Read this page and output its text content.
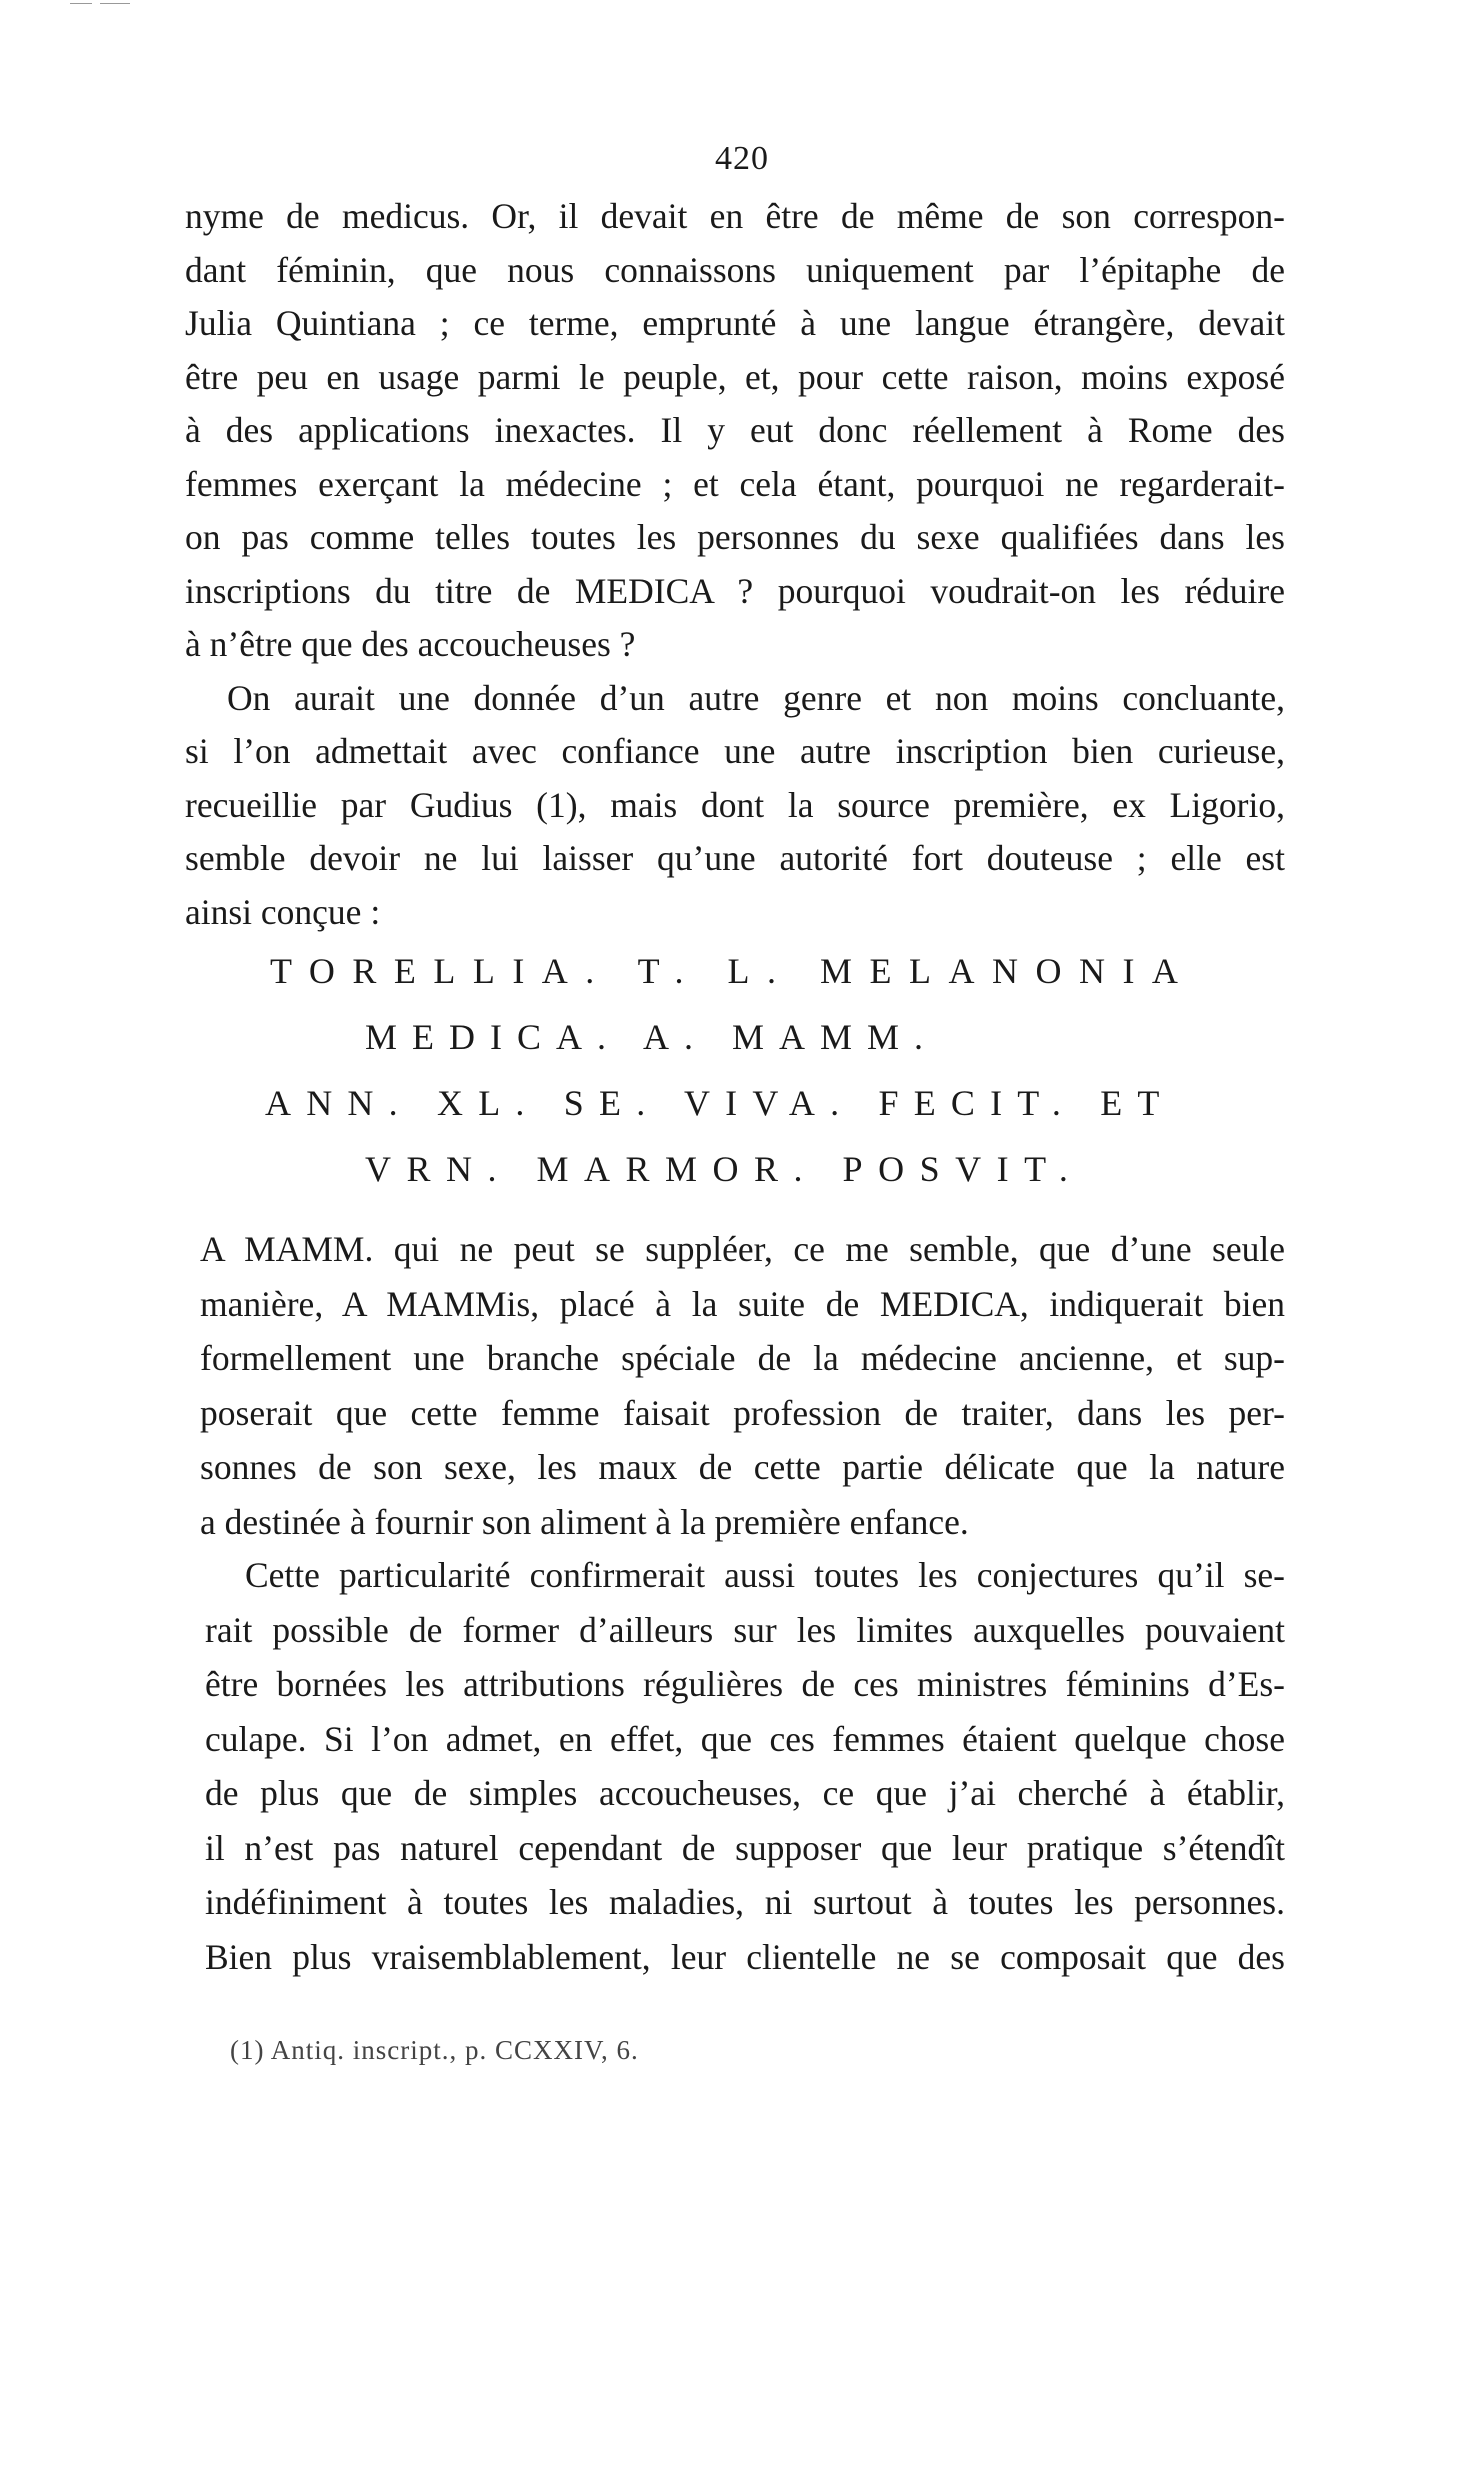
420
nyme de medicus. Or, il devait en être de même de son correspon-
dant féminin, que nous connaissons uniquement par l’épitaphe de
Julia Quintiana ; ce terme, emprunté à une langue étrangère, devait
être peu en usage parmi le peuple, et, pour cette raison, moins exposé
à des applications inexactes. Il y eut donc réellement à Rome des
femmes exerçant la médecine ; et cela étant, pourquoi ne regarderait-
on pas comme telles toutes les personnes du sexe qualifiées dans les
inscriptions du titre de MEDICA ? pourquoi voudrait-on les réduire
à n’être que des accoucheuses ?
On aurait une donnée d’un autre genre et non moins concluante,
si l’on admettait avec confiance une autre inscription bien curieuse,
recueillie par Gudius (1), mais dont la source première, ex Ligorio,
semble devoir ne lui laisser qu’une autorité fort douteuse ; elle est
ainsi conçue :
TORELLIA. T. L. MELANONIA
MEDICA. A. MAMM.
ANN. XL. SE. VIVA. FECIT. ET
VRN. MARMOR. POSVIT.
A MAMM. qui ne peut se suppléer, ce me semble, que d’une seule
manière, A MAMMis, placé à la suite de MEDICA, indiquerait bien
formellement une branche spéciale de la médecine ancienne, et sup-
poserait que cette femme faisait profession de traiter, dans les per-
sonnes de son sexe, les maux de cette partie délicate que la nature
a destinée à fournir son aliment à la première enfance.
Cette particularité confirmerait aussi toutes les conjectures qu’il se-
rait possible de former d’ailleurs sur les limites auxquelles pouvaient
être bornées les attributions régulières de ces ministres féminins d’Es-
culape. Si l’on admet, en effet, que ces femmes étaient quelque chose
de plus que de simples accoucheuses, ce que j’ai cherché à établir,
il n’est pas naturel cependant de supposer que leur pratique s’étendît
indéfiniment à toutes les maladies, ni surtout à toutes les personnes.
Bien plus vraisemblablement, leur clientelle ne se composait que des
(1) Antiq. inscript., p. CCXXIV, 6.
